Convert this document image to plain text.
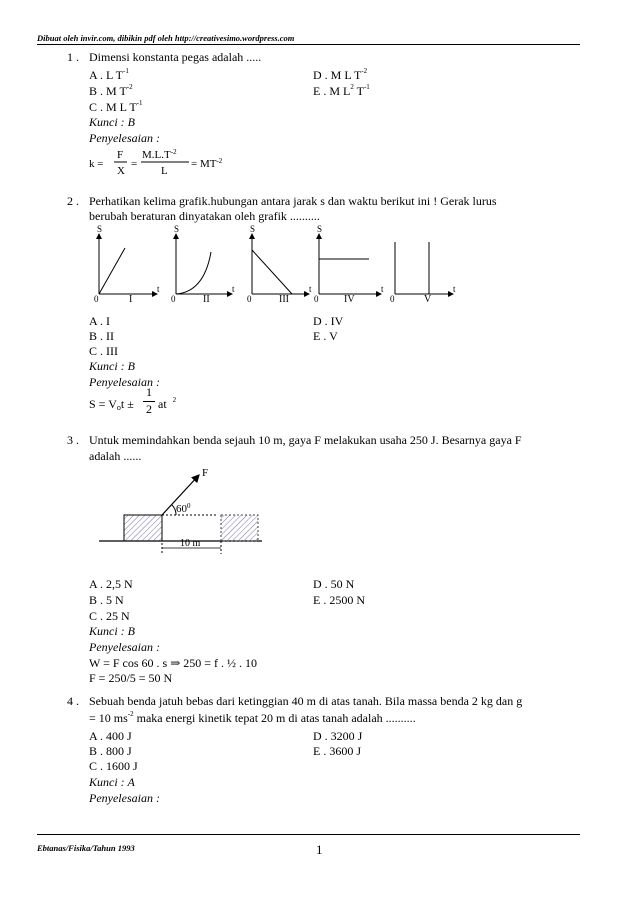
Dibuat oleh invir.com, dibikin pdf oleh http://creativesimo.wordpress.com
Ebtanas/Fisika/Tahun 1993	1
1 . Dimensi konstanta pegas adalah .....
A . L $T^{-1}$
B . M $T^{-2}$
C . M L $T^{-1}$
D . M L $T^{-2}$
E . M $L^2$ $T^{-1}$
Kunci : B
Penyelesaian :
k =
F
X
=
$M.L.T^{-2}$
L
= $MT^{-2}$
2 . Perhatikan kelima grafik.hubungan antara jarak s dan waktu berikut ini ! Gerak lurus
berubah beraturan dinyatakan oleh grafik ..........
S
t
0
S
t
0
S
t
0
S
t
0
t
0
I	II	III	IV	V
A . I
B . II
C . III
D . IV
E . V
Kunci : B
Penyelesaian :
$S = V_ot \pm \frac{1}{2}$ at $^2$
3 . Untuk memindahkan benda sejauh 10 m, gaya F melakukan usaha 250 J. Besarnya gaya F
adalah ......
F
$60^0$
10 m
A . 2,5 N
B . 5 N
C . 25 N
D . 50 N
E . 2500 N
Kunci : B
Penyelesaian :
W = F cos 60 . s ⇒ 250 = f . ½ . 10
F = 250/5 = 50 N
4 . Sebuah benda jatuh bebas dari ketinggian 40 m di atas tanah. Bila massa benda 2 kg dan g
= 10 $ms^{-2}$ maka energi kinetik tepat 20 m di atas tanah adalah ..........
A . 400 J
B . 800 J
C . 1600 J
D . 3200 J
E . 3600 J
Kunci : A
Penyelesaian :
